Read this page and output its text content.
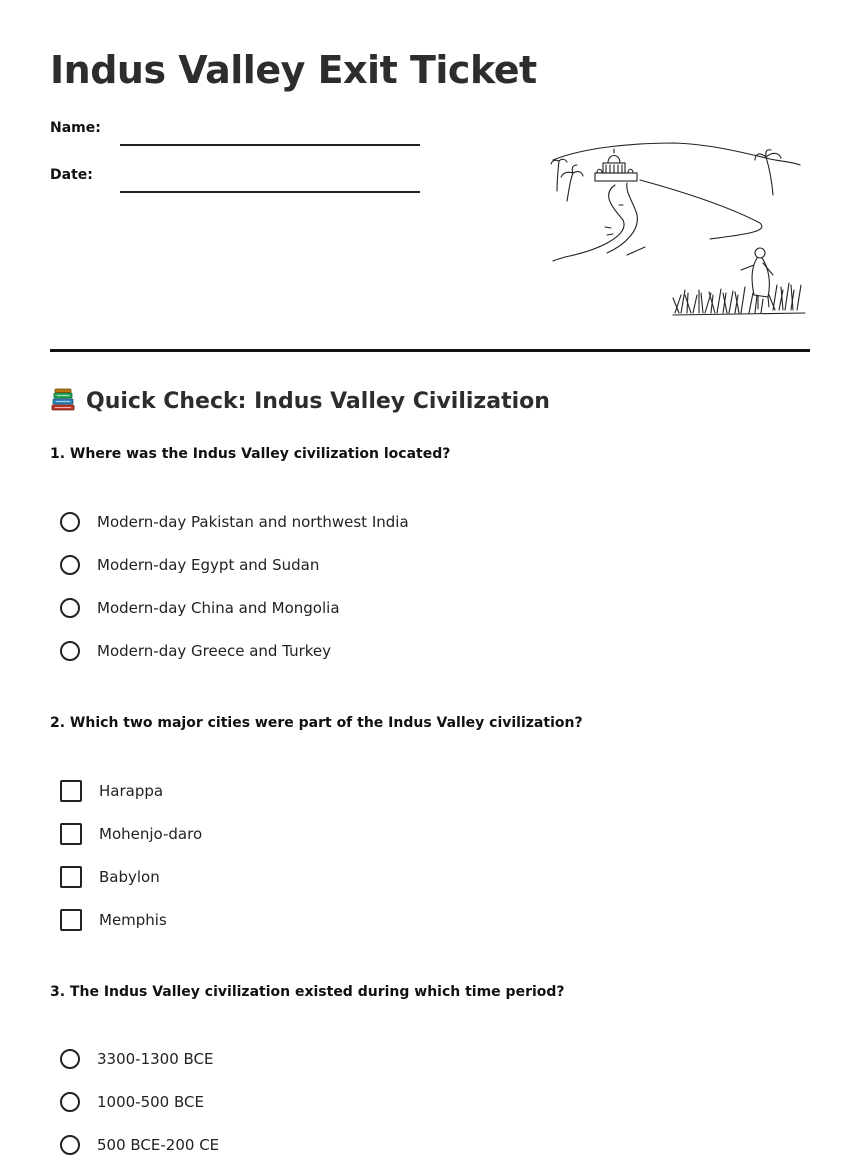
Indus Valley Exit Ticket
Name:
Date:
Quick Check: Indus Valley Civilization

1. Where was the Indus Valley civilization located?

Modern-day Pakistan and northwest India
Modern-day Egypt and Sudan
Modern-day China and Mongolia
Modern-day Greece and Turkey

2. Which two major cities were part of the Indus Valley civilization?

Harappa
Mohenjo-daro
Babylon
Memphis

3. The Indus Valley civilization existed during which time period?

3300-1300 BCE
1000-500 BCE
500 BCE-200 CE
